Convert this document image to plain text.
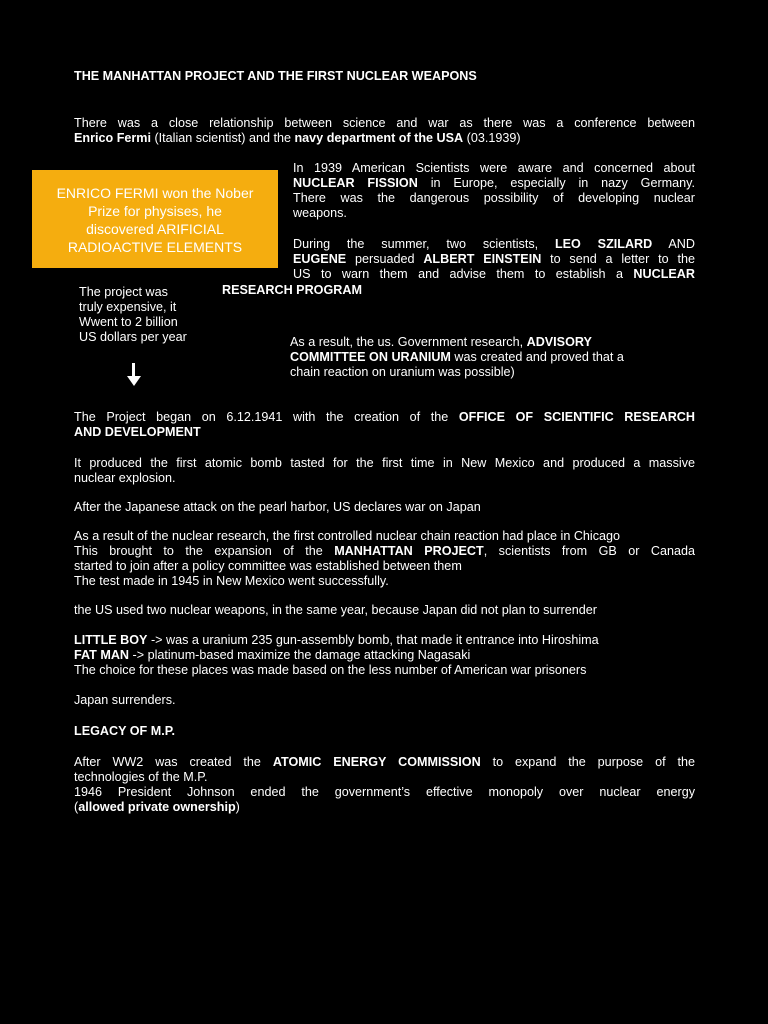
THE MANHATTAN PROJECT AND THE FIRST NUCLEAR WEAPONS

There was a close relationship between science and war as there was a conference between

Enrico Fermi (Italian scientist) and the navy department of the USA (03.1939)

ENRICO FERMI won the Nober
Prize for physises, he
discovered ARIFICIAL
RADIOACTIVE ELEMENTS

In 1939 American Scientists were aware and concerned about

NUCLEAR FISSION in Europe, especially in nazy Germany.

There was the dangerous possibility of developing nuclear

weapons.

During the summer, two scientists, LEO SZILARD AND

EUGENE persuaded ALBERT EINSTEIN to send a letter to the

US to warn them and advise them to establish a NUCLEAR

RESEARCH PROGRAM

The project was

truly expensive, it

Wwent to 2 billion

US dollars per year	As a result, the us. Government research, ADVISORY

COMMITTEE ON URANIUM was created and proved that a

chain reaction on uranium was possible)

The Project began on 6.12.1941 with the creation of the OFFICE OF SCIENTIFIC RESEARCH

AND DEVELOPMENT

It produced the first atomic bomb tasted for the first time in New Mexico and produced a massive

nuclear explosion.

After the Japanese attack on the pearl harbor, US declares war on Japan

As a result of the nuclear research, the first controlled nuclear chain reaction had place in Chicago

This brought to the expansion of the MANHATTAN PROJECT, scientists from GB or Canada

started to join after a policy committee was established between them

The test made in 1945 in New Mexico went successfully.

the US used two nuclear weapons, in the same year, because Japan did not plan to surrender

LITTLE BOY -> was a uranium 235 gun-assembly bomb, that made it entrance into Hiroshima

FAT MAN -> platinum-based maximize the damage attacking Nagasaki

The choice for these places was made based on the less number of American war prisoners

Japan surrenders.
LEGACY OF M.P.

After WW2 was created the ATOMIC ENERGY COMMISSION to expand the purpose of the

technologies of the M.P.

1946 President Johnson ended the government’s effective monopoly over nuclear energy

(allowed private ownership)
